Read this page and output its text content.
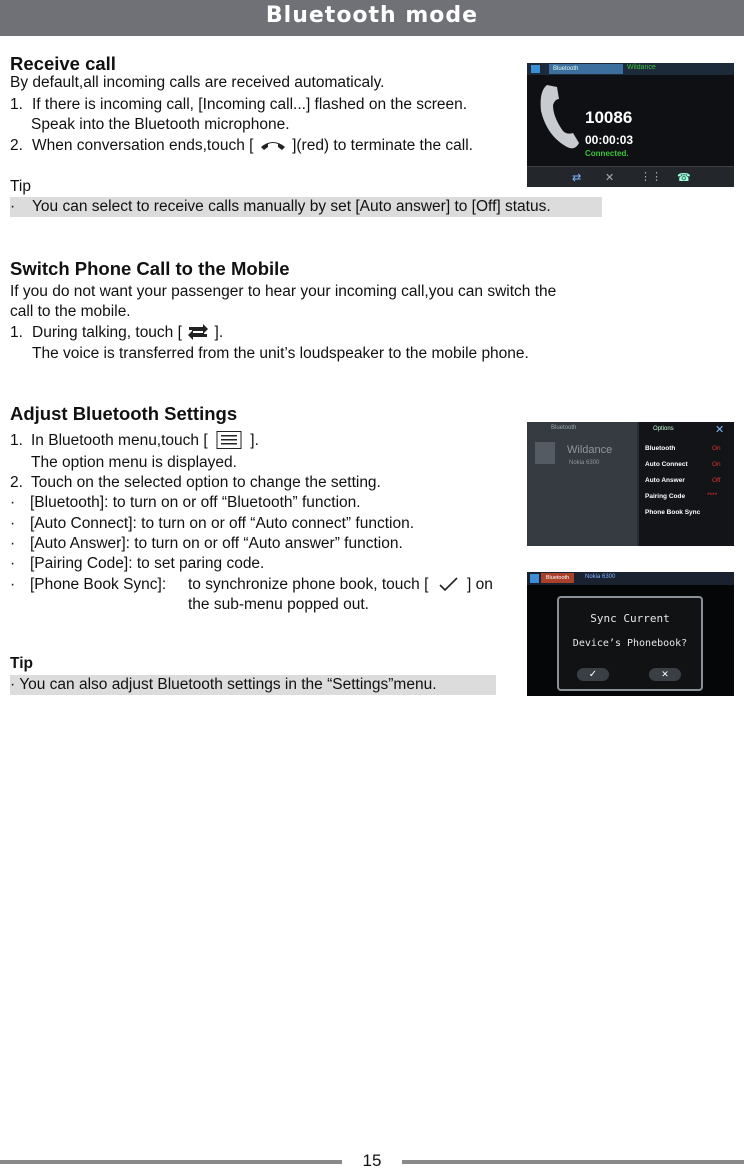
Bluetooth mode
Receive call
By default,all incoming calls are received automaticaly.
1. If there is incoming call, [Incoming call...] flashed on the screen.
Speak into the Bluetooth microphone.
2. When conversation ends,touch [ ](red) to terminate the call.
Tip
· You can select to receive calls manually by set [Auto answer] to [Off] status.
Bluetooth	Wildance
10086
00:00:03
Connected.
⇄ ✕ ⋮⋮ ☎
Switch Phone Call to the Mobile
If you do not want your passenger to hear your incoming call,you can switch the
call to the mobile.
1. During talking, touch [ ].
The voice is transferred from the unit’s loudspeaker to the mobile phone.
Adjust Bluetooth Settings
1. In Bluetooth menu,touch [	].
The option menu is displayed.
2. Touch on the selected option to change the setting.
· [Bluetooth]: to turn on or off “Bluetooth” function.
· [Auto Connect]: to turn on or off “Auto connect” function.
· [Auto Answer]: to turn on or off “Auto answer” function.
· [Pairing Code]: to set paring code.
· [Phone Book Sync]: to synchronize phone book, touch [ ] on
the sub-menu popped out.
Tip
· You can also adjust Bluetooth settings in the “Settings”menu.
Bluetooth
Wildance
Nokia 6300
Options	✕
Bluetooth	On
Auto Connect	On
Auto Answer	Off
Pairing Code	****
Phone Book Sync
Bluetooth	Nokia 6300
Sync Current
Device’s Phonebook?
✓	✕
15
